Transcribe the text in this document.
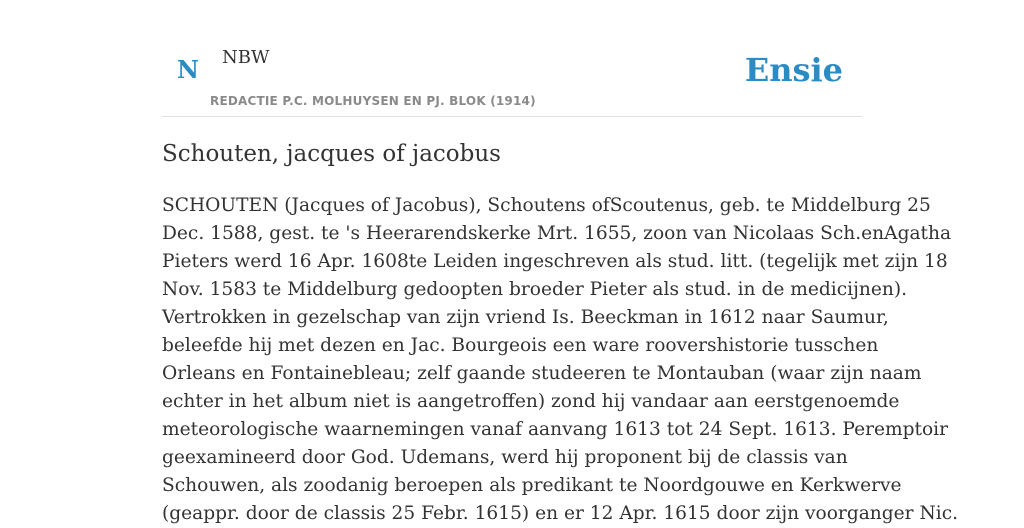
N NBW
REDACTIE P.C. MOLHUYSEN EN PJ. BLOK (1914)
Ensie
Schouten, jacques of jacobus
SCHOUTEN (Jacques of Jacobus), Schoutens ofScoutenus, geb. te Middelburg 25
Dec. 1588, gest. te 's Heerarendskerke Mrt. 1655, zoon van Nicolaas Sch.enAgatha
Pieters werd 16 Apr. 1608te Leiden ingeschreven als stud. litt. (tegelijk met zijn 18
Nov. 1583 te Middelburg gedoopten broeder Pieter als stud. in de medicijnen).
Vertrokken in gezelschap van zijn vriend Is. Beeckman in 1612 naar Saumur,
beleefde hij met dezen en Jac. Bourgeois een ware roovershistorie tusschen
Orleans en Fontainebleau; zelf gaande studeeren te Montauban (waar zijn naam
echter in het album niet is aangetroffen) zond hij vandaar aan eerstgenoemde
meteorologische waarnemingen vanaf aanvang 1613 tot 24 Sept. 1613. Peremptoir
geexamineerd door God. Udemans, werd hij proponent bij de classis van
Schouwen, als zoodanig beroepen als predikant te Noordgouwe en Kerkwerve
(geappr. door de classis 25 Febr. 1615) en er 12 Apr. 1615 door zijn voorganger Nic.
